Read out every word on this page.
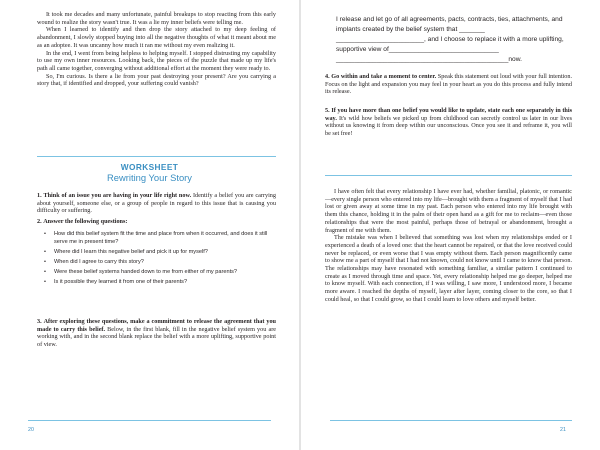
It took me decades and many unfortunate, painful breakups to stop reacting from this early wound to realize the story wasn't true. It was a lie my inner beliefs were telling me.

When I learned to identify and then drop the story attached to my deep feeling of abandonment, I slowly stopped buying into all the negative thoughts of what it meant about me as an adoptee. It was uncanny how much it ran me without my even realizing it.

In the end, I went from being helpless to helping myself. I stopped distrusting my capability to use my own inner resources. Looking back, the pieces of the puzzle that made up my life's path all came together, converging without additional effort at the moment they were ready to.

So, I'm curious. Is there a lie from your past destroying your present? Are you carrying a story that, if identified and dropped, your suffering could vanish?

WORKSHEET
Rewriting Your Story
1. Think of an issue you are having in your life right now. Identify a belief you are carrying about yourself, someone else, or a group of people in regard to this issue that is causing you difficulty or suffering.
2. Answer the following questions:
• How did this belief system fit the time and place from when it occurred, and does it still serve me in present time?
• Where did I learn this negative belief and pick it up for myself?
• When did I agree to carry this story?
• Were these belief systems handed down to me from either of my parents?
• Is it possible they learned it from one of their parents?
3. After exploring these questions, make a commitment to release the agreement that you made to carry this belief. Below, in the first blank, fill in the negative belief system you are working with, and in the second blank replace the belief with a more uplifting, supportive point of view.
20
I release and let go of all agreements, pacts, contracts, ties, attachments, and implants created by the belief system that _______ ________________________, and I choose to replace it with a more uplifting, supportive view of______________________________ _______________________________________________now.
4. Go within and take a moment to center. Speak this statement out loud with your full intention. Focus on the light and expansion you may feel in your heart as you do this process and fully intend its release.
5. If you have more than one belief you would like to update, state each one separately in this way. It's wild how beliefs we picked up from childhood can secretly control us later in our lives without us knowing it from deep within our unconscious. Once you see it and reframe it, you will be set free!

I have often felt that every relationship I have ever had, whether familial, platonic, or romantic—every single person who entered into my life—brought with them a fragment of myself that I had lost or given away at some time in my past. Each person who entered into my life brought with them this chance, holding it in the palm of their open hand as a gift for me to reclaim—even those relationships that were the most painful, perhaps those of betrayal or abandonment, brought a fragment of me with them.

The mistake was when I believed that something was lost when my relationships ended or I experienced a death of a loved one: that the heart cannot be repaired, or that the love received could never be replaced, or even worse that I was empty without them. Each person magnificently came to show me a part of myself that I had not known, could not know until I came to know that person. The relationships may have resonated with something familiar, a similar pattern I continued to create as I moved through time and space. Yet, every relationship helped me go deeper, helped me to know myself. With each connection, if I was willing, I saw more, I understood more, I became more aware. I reached the depths of myself, layer after layer, coming closer to the core, so that I could heal, so that I could grow, so that I could learn to love others and myself better.

21
